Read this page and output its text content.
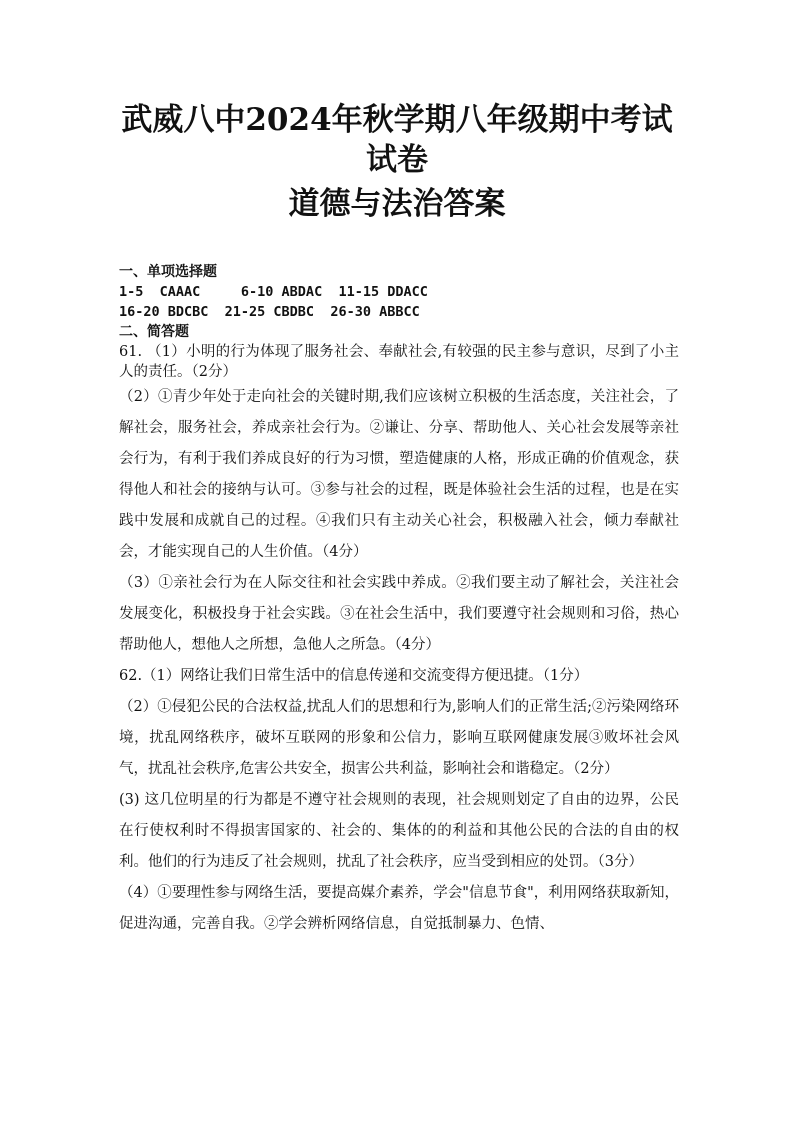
武威八中2024年秋学期八年级期中考试
试卷
道德与法治答案

一、单项选择题

1-5  CAAAC     6-10 ABDAC  11-15 DDACC

16-20 BDCBC  21-25 CBDBC  26-30 ABBCC

二、简答题

61. （1）小明的行为体现了服务社会、奉献社会,有较强的民主参与意识，尽到了小主人的责任。（2分）

（2）①青少年处于走向社会的关键时期,我们应该树立积极的生活态度，关注社会，了解社会，服务社会，养成亲社会行为。②谦让、分享、帮助他人、关心社会发展等亲社会行为，有利于我们养成良好的行为习惯，塑造健康的人格，形成正确的价值观念，获得他人和社会的接纳与认可。③参与社会的过程，既是体验社会生活的过程，也是在实践中发展和成就自己的过程。④我们只有主动关心社会，积极融入社会，倾力奉献社会，才能实现自己的人生价值。（4分）

（3）①亲社会行为在人际交往和社会实践中养成。②我们要主动了解社会，关注社会发展变化，积极投身于社会实践。③在社会生活中，我们要遵守社会规则和习俗，热心帮助他人，想他人之所想，急他人之所急。（4分）

62.（1）网络让我们日常生活中的信息传递和交流变得方便迅捷。（1分）

（2）①侵犯公民的合法权益,扰乱人们的思想和行为,影响人们的正常生活;②污染网络环境，扰乱网络秩序，破坏互联网的形象和公信力，影响互联网健康发展③败坏社会风气，扰乱社会秩序,危害公共安全，损害公共利益，影响社会和谐稳定。（2分）

(3) 这几位明星的行为都是不遵守社会规则的表现，社会规则划定了自由的边界，公民在行使权利时不得损害国家的、社会的、集体的的利益和其他公民的合法的自由的权利。他们的行为违反了社会规则，扰乱了社会秩序，应当受到相应的处罚。（3分）

（4）①要理性参与网络生活，要提高媒介素养，学会"信息节食"，利用网络获取新知，促进沟通，完善自我。②学会辨析网络信息，自觉抵制暴力、色情、
